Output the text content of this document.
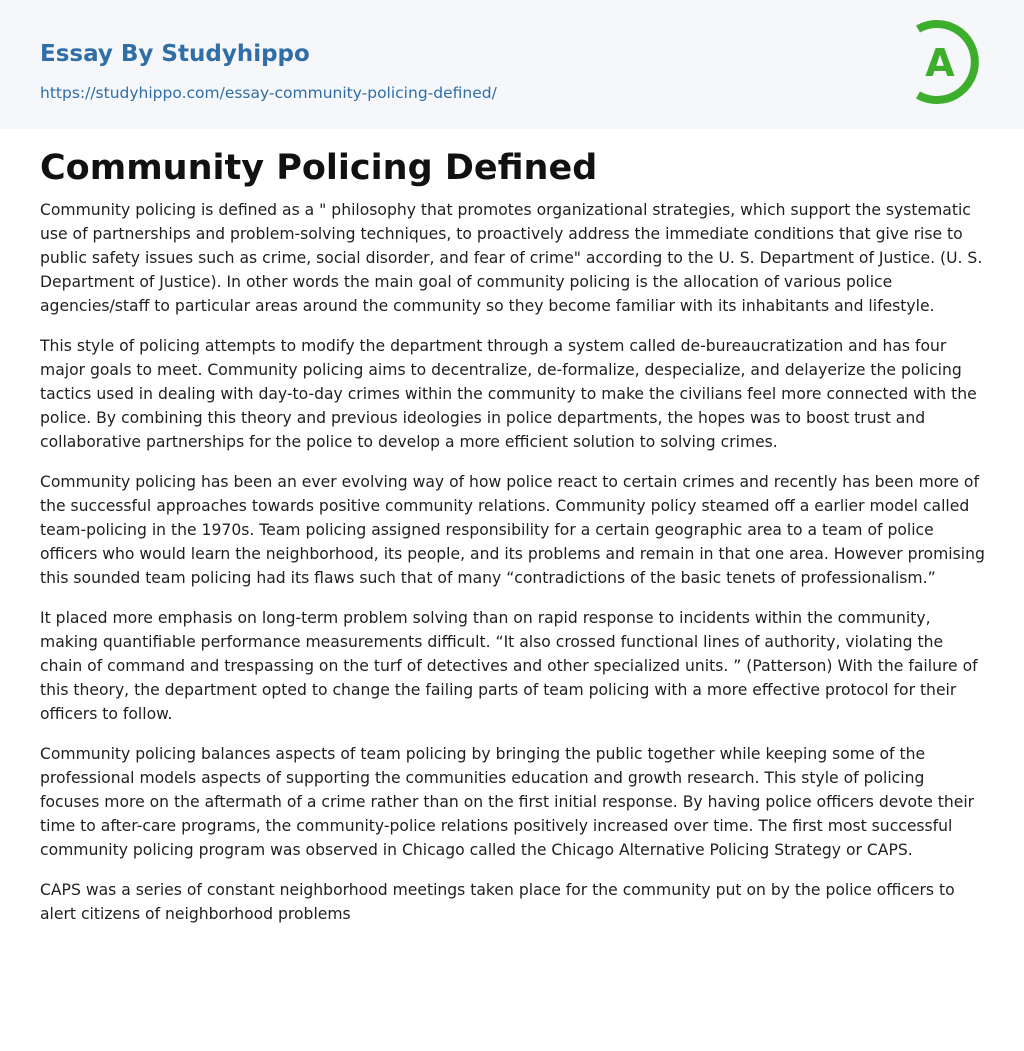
Essay By Studyhippo
https://studyhippo.com/essay-community-policing-defined/
A
Community Policing Defined

Community policing is defined as a " philosophy that promotes organizational strategies, which support the systematic use of partnerships and problem-solving techniques, to proactively address the immediate conditions that give rise to public safety issues such as crime, social disorder, and fear of crime" according to the U. S. Department of Justice. (U. S. Department of Justice). In other words the main goal of community policing is the allocation of various police agencies/staff to particular areas around the community so they become familiar with its inhabitants and lifestyle.

This style of policing attempts to modify the department through a system called de-bureaucratization and has four major goals to meet. Community policing aims to decentralize, de-formalize, despecialize, and delayerize the policing tactics used in dealing with day-to-day crimes within the community to make the civilians feel more connected with the police. By combining this theory and previous ideologies in police departments, the hopes was to boost trust and collaborative partnerships for the police to develop a more efficient solution to solving crimes.

Community policing has been an ever evolving way of how police react to certain crimes and recently has been more of the successful approaches towards positive community relations. Community policy steamed off a earlier model called team-policing in the 1970s. Team policing assigned responsibility for a certain geographic area to a team of police officers who would learn the neighborhood, its people, and its problems and remain in that one area. However promising this sounded team policing had its flaws such that of many “contradictions of the basic tenets of professionalism.”

It placed more emphasis on long-term problem solving than on rapid response to incidents within the community, making quantifiable performance measurements difficult. “It also crossed functional lines of authority, violating the chain of command and trespassing on the turf of detectives and other specialized units. ” (Patterson) With the failure of this theory, the department opted to change the failing parts of team policing with a more effective protocol for their officers to follow.

Community policing balances aspects of team policing by bringing the public together while keeping some of the professional models aspects of supporting the communities education and growth research. This style of policing focuses more on the aftermath of a crime rather than on the first initial response. By having police officers devote their time to after-care programs, the community-police relations positively increased over time. The first most successful community policing program was observed in Chicago called the Chicago Alternative Policing Strategy or CAPS.

CAPS was a series of constant neighborhood meetings taken place for the community put on by the police officers to alert citizens of neighborhood problems
